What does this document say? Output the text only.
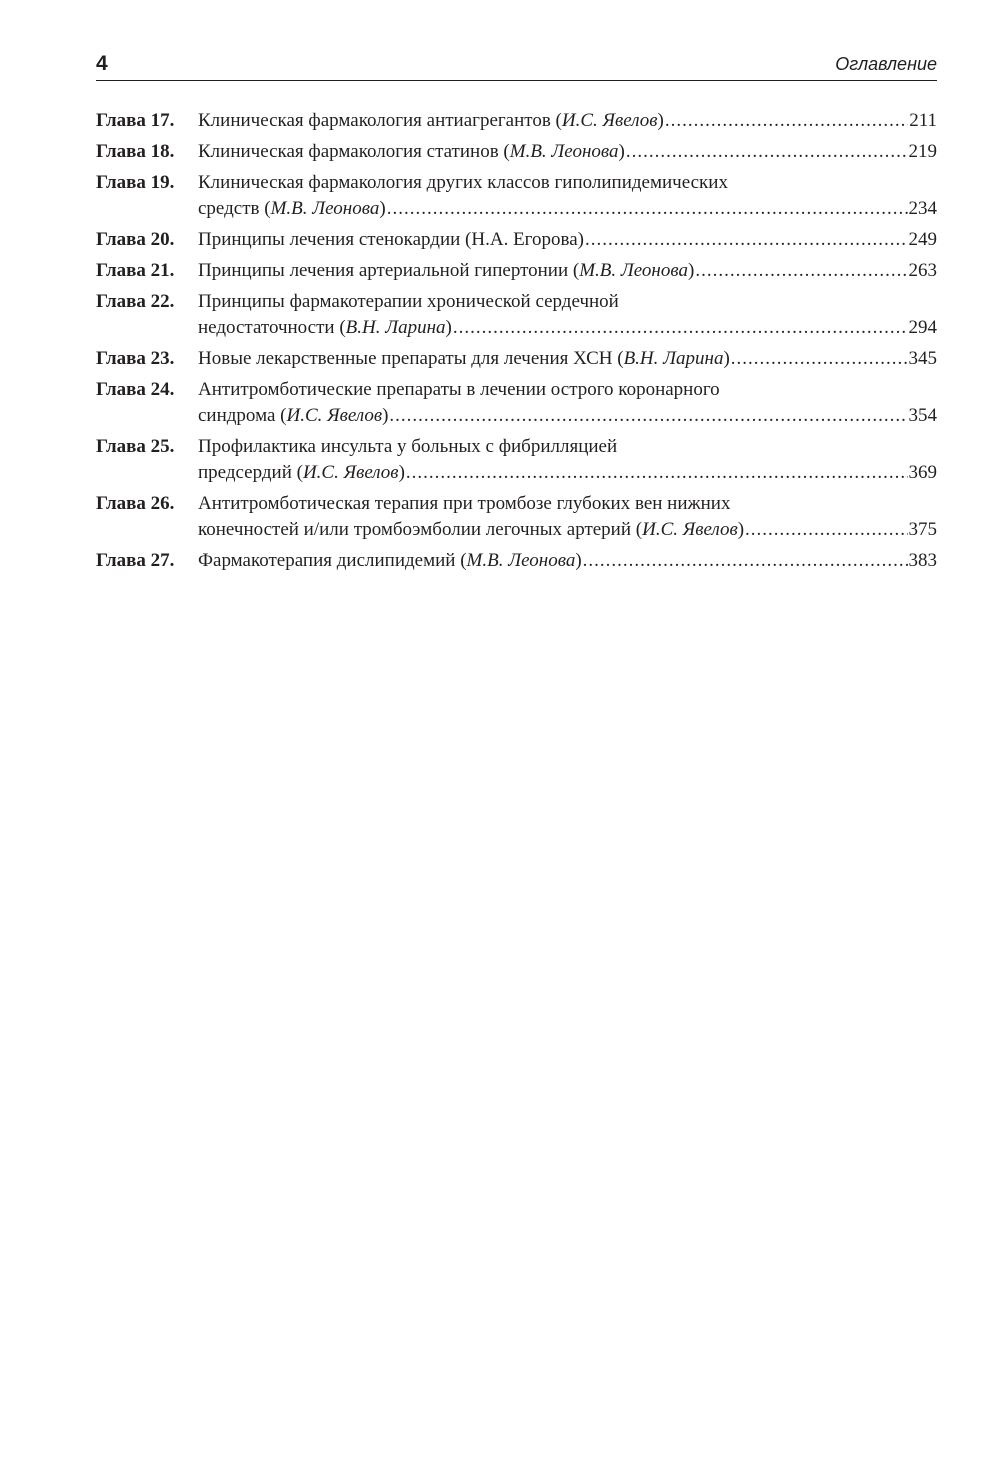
4	Оглавление
Глава 17. Клиническая фармакология антиагрегантов (И.С. Явелов) .....	211
Глава 18. Клиническая фармакология статинов (М.В. Леонова) .....	219
Глава 19. Клиническая фармакология других классов гиполипидемических
средств (М.В. Леонова) .....	234
Глава 20. Принципы лечения стенокардии (Н.А. Егорова) .....	249
Глава 21. Принципы лечения артериальной гипертонии (М.В. Леонова) .....	263
Глава 22. Принципы фармакотерапии хронической сердечной
недостаточности (В.Н. Ларина) .....	294
Глава 23. Новые лекарственные препараты для лечения ХСН (В.Н. Ларина) .....	345
Глава 24. Антитромботические препараты в лечении острого коронарного
синдрома (И.С. Явелов) .....	354
Глава 25. Профилактика инсульта у больных с фибрилляцией
предсердий (И.С. Явелов) .....	369
Глава 26. Антитромботическая терапия при тромбозе глубоких вен нижних
конечностей и/или тромбоэмболии легочных артерий (И.С. Явелов) .....	375
Глава 27. Фармакотерапия дислипидемий (М.В. Леонова) .....	383
